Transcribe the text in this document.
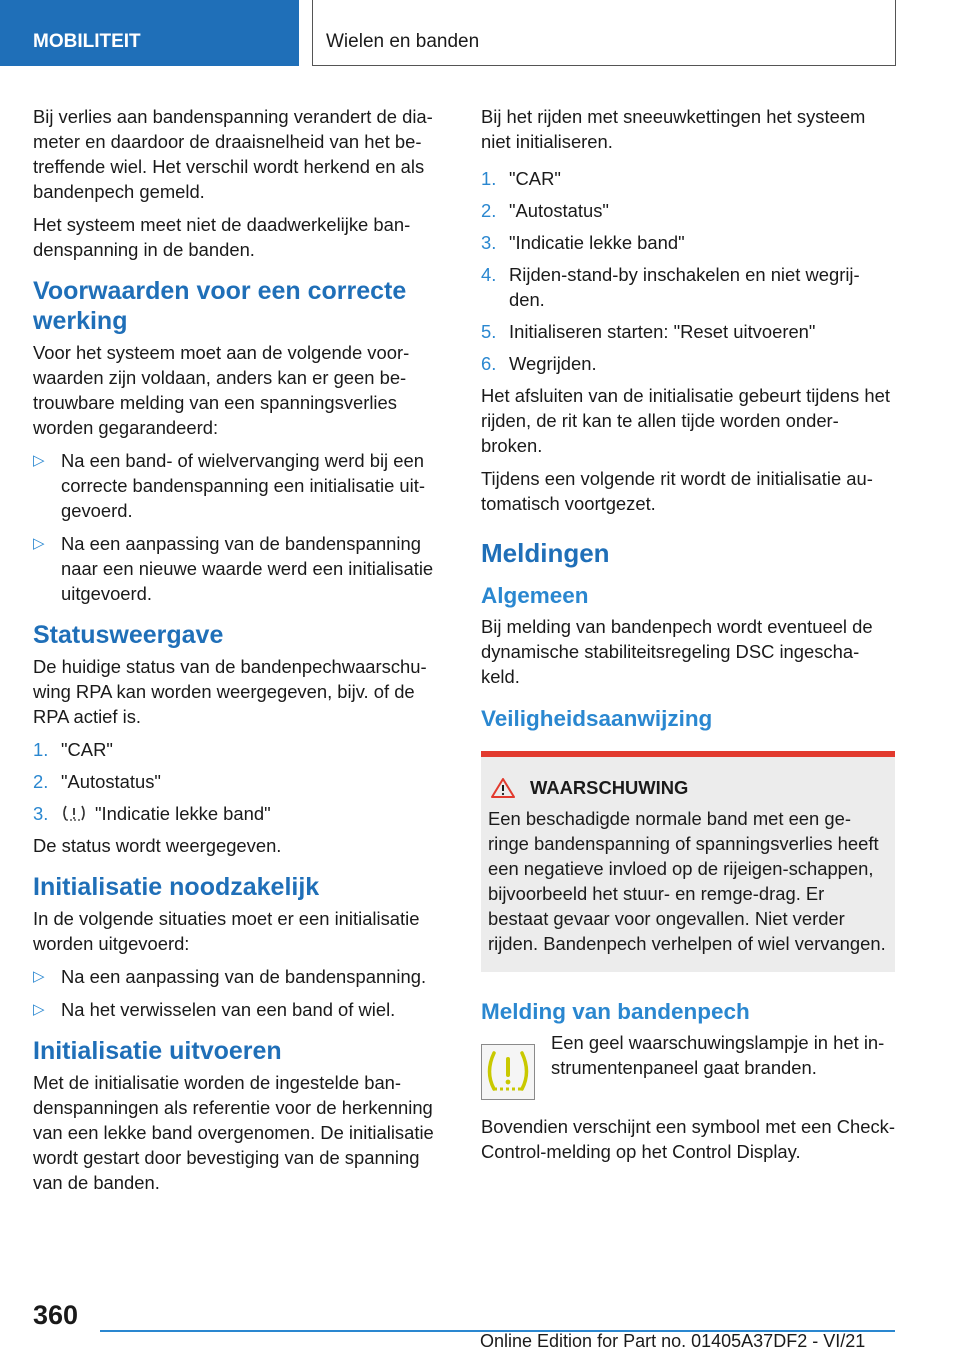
MOBILITEIT	Wielen en banden

Bij verlies aan bandenspanning verandert de dia-meter en daardoor de draaisnelheid van het be-treffende wiel. Het verschil wordt herkend en als bandenpech gemeld.

Het systeem meet niet de daadwerkelijke ban-denspanning in de banden.

Voorwaarden voor een correcte werking

Voor het systeem moet aan de volgende voor-waarden zijn voldaan, anders kan er geen be-trouwbare melding van een spanningsverlies worden gegarandeerd:

▷ Na een band- of wielvervanging werd bij een correcte bandenspanning een initialisatie uit-gevoerd.
▷ Na een aanpassing van de bandenspanning naar een nieuwe waarde werd een initialisatie uitgevoerd.
Statusweergave

De huidige status van de bandenpechwaarschu-wing RPA kan worden weergegeven, bijv. of de RPA actief is.

1. "CAR"
2. "Autostatus"
3.	"Indicatie lekke band"

De status wordt weergegeven.

Initialisatie noodzakelijk

In de volgende situaties moet er een initialisatie worden uitgevoerd:

▷ Na een aanpassing van de bandenspanning.
▷ Na het verwisselen van een band of wiel.
Initialisatie uitvoeren

Met de initialisatie worden de ingestelde ban-denspanningen als referentie voor de herkenning van een lekke band overgenomen. De initialisatie wordt gestart door bevestiging van de spanning van de banden.

Bij het rijden met sneeuwkettingen het systeem niet initialiseren.

1. "CAR"
2. "Autostatus"
3. "Indicatie lekke band"
4. Rijden-stand-by inschakelen en niet wegrij-den.
5. Initialiseren starten: "Reset uitvoeren"
6. Wegrijden.

Het afsluiten van de initialisatie gebeurt tijdens het rijden, de rit kan te allen tijde worden onder-broken.

Tijdens een volgende rit wordt de initialisatie au-tomatisch voortgezet.

Meldingen
Algemeen

Bij melding van bandenpech wordt eventueel de dynamische stabiliteitsregeling DSC ingescha-keld.

Veiligheidsaanwijzing
WAARSCHUWING
Een beschadigde normale band met een ge-ringe bandenspanning of spanningsverlies heeft een negatieve invloed op de rijeigen-schappen, bijvoorbeeld het stuur- en remge-drag. Er bestaat gevaar voor ongevallen. Niet verder rijden. Bandenpech verhelpen of wiel vervangen.
Melding van bandenpech
Een geel waarschuwingslampje in het in-strumentenpaneel gaat branden.

Bovendien verschijnt een symbool met een Check-Control-melding op het Control Display.

360
Online Edition for Part no. 01405A37DF2 - VI/21
